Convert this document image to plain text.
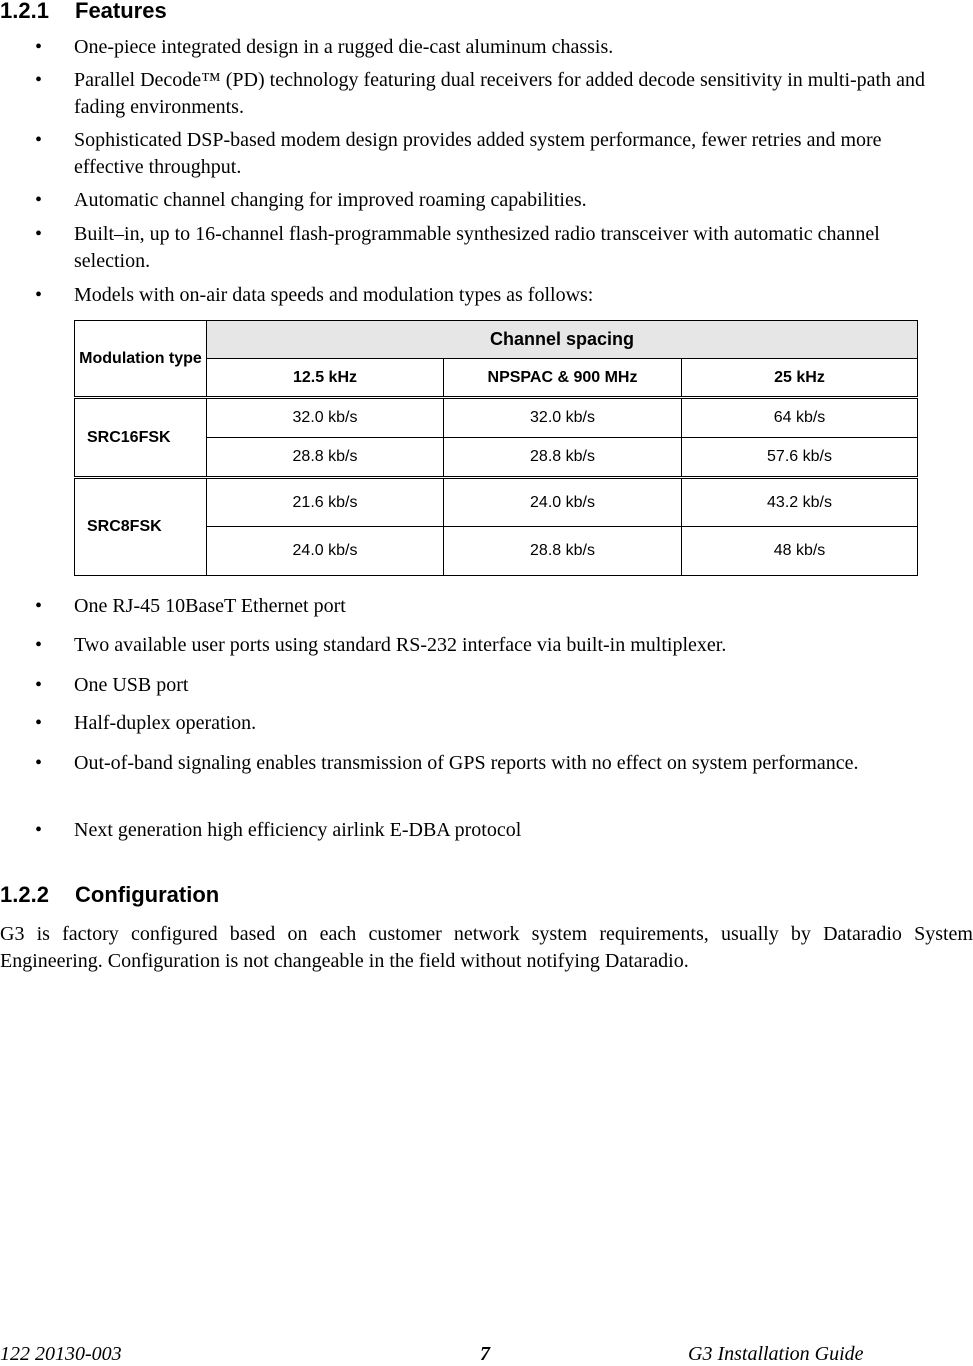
1.2.1 Features
• One-piece integrated design in a rugged die-cast aluminum chassis.
• Parallel Decode™ (PD) technology featuring dual receivers for added decode sensitivity in multi-path and fading environments.
• Sophisticated DSP-based modem design provides added system performance, fewer retries and more effective throughput.
• Automatic channel changing for improved roaming capabilities.
• Built–in, up to 16-channel flash-programmable synthesized radio transceiver with automatic channel selection.
• Models with on-air data speeds and modulation types as follows:
Modulation type	Channel spacing		
	12.5 kHz	NPSPAC & 900 MHz	25 kHz
SRC16FSK	32.0 kb/s	32.0 kb/s	64 kb/s
	28.8 kb/s	28.8 kb/s	57.6 kb/s
SRC8FSK	21.6 kb/s	24.0 kb/s	43.2 kb/s
	24.0 kb/s	28.8 kb/s	48 kb/s
• One RJ-45 10BaseT Ethernet port
• Two available user ports using standard RS-232 interface via built-in multiplexer.
• One USB port
• Half-duplex operation.
• Out-of-band signaling enables transmission of GPS reports with no effect on system performance.
• Next generation high efficiency airlink E-DBA protocol
1.2.2 Configuration
G3 is factory configured based on each customer network system requirements, usually by Dataradio System Engineering. Configuration is not changeable in the field without notifying Dataradio.
122 20130-003	7	G3 Installation Guide
